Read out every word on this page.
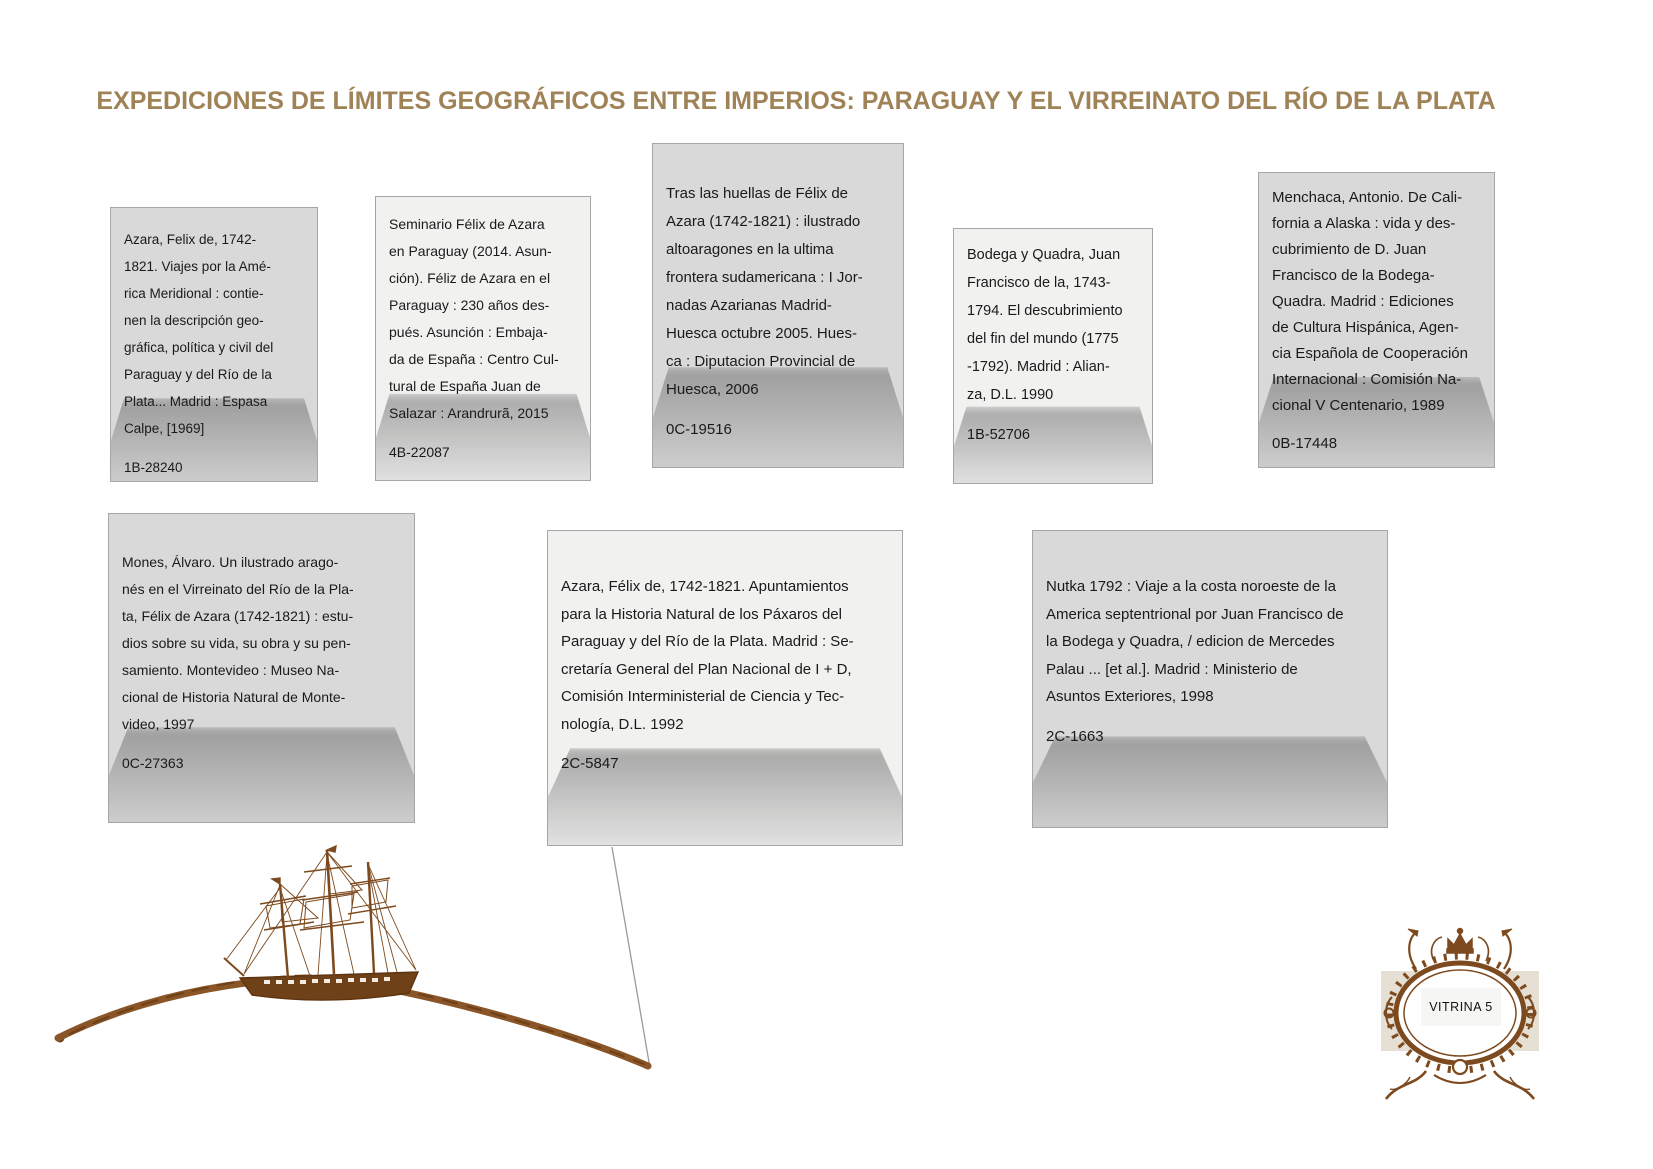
EXPEDICIONES DE LÍMITES GEOGRÁFICOS ENTRE IMPERIOS: PARAGUAY Y EL VIRREINATO DEL RÍO DE LA PLATA
Azara, Felix de, 1742-
1821. Viajes por la Amé-
rica Meridional : contie-
nen la descripción geo-
gráfica, política y civil del
Paraguay y del Río de la
Plata... Madrid : Espasa
Calpe, [1969]
1B-28240
Seminario Félix de Azara
en Paraguay (2014. Asun-
ción). Féliz de Azara en el
Paraguay : 230 años des-
pués. Asunción : Embaja-
da de España : Centro Cul-
tural de España Juan de
Salazar : Arandrurã, 2015
4B-22087
Tras las huellas de Félix de
Azara (1742-1821) : ilustrado
altoaragones en la ultima
frontera sudamericana : I Jor-
nadas Azarianas Madrid-
Huesca octubre 2005. Hues-
ca : Diputacion Provincial de
Huesca, 2006
0C-19516
Bodega y Quadra, Juan
Francisco de la, 1743-
1794. El descubrimiento
del fin del mundo (1775
-1792). Madrid : Alian-
za, D.L. 1990
1B-52706
Menchaca, Antonio. De Cali-
fornia a Alaska : vida y des-
cubrimiento de D. Juan
Francisco de la Bodega-
Quadra. Madrid : Ediciones
de Cultura Hispánica, Agen-
cia Española de Cooperación
Internacional : Comisión Na-
cional V Centenario, 1989
0B-17448
Mones, Álvaro. Un ilustrado arago-
nés en el Virreinato del Río de la Pla-
ta, Félix de Azara (1742-1821) : estu-
dios sobre su vida, su obra y su pen-
samiento. Montevideo : Museo Na-
cional de Historia Natural de Monte-
video, 1997
0C-27363
Azara, Félix de, 1742-1821. Apuntamientos
para la Historia Natural de los Páxaros del
Paraguay y del Río de la Plata. Madrid : Se-
cretaría General del Plan Nacional de I + D,
Comisión Interministerial de Ciencia y Tec-
nología, D.L. 1992
2C-5847
Nutka 1792 : Viaje a la costa noroeste de la
America septentrional por Juan Francisco de
la Bodega y Quadra, / edicion de Mercedes
Palau ... [et al.]. Madrid : Ministerio de
Asuntos Exteriores, 1998
2C-1663
VITRINA 5
